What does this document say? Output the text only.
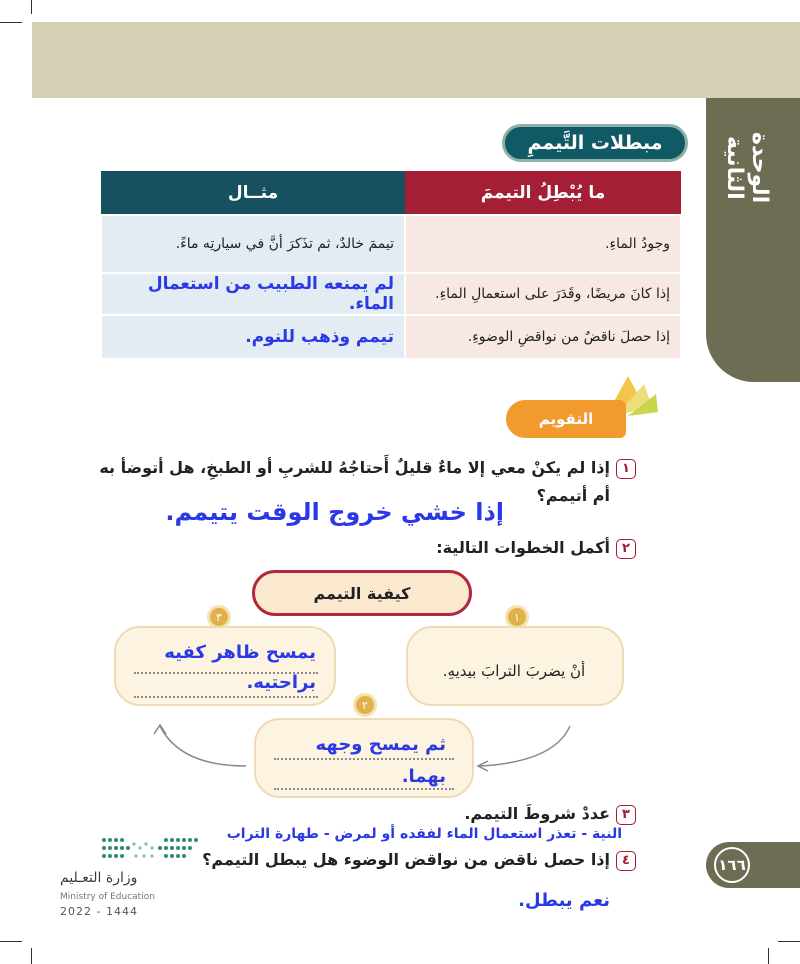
الوحدة الثانية
مبطلات التَّيممِ
ما يُبْطِلُ التيممَ	مثــال
وجودُ الماءِ.	تيممَ خالدٌ، ثم تذَكرَ أنَّ في سيارتِه ماءً.
إذا كانَ مريضًا، وقَدَرَ على استعمالِ الماءِ.	لم يمنعه الطبيب من استعمال الماء.
إذا حصلَ ناقضٌ من نواقضِ الوضوءِ.	تيمم وذهب للنوم.
التقويم
١إذا لم يكنْ معي إلا ماءٌ قليلٌ أَحتاجُهُ للشربِ أو الطبخِ، هل أتوضأ به
أم أتيمم؟
إذا خشي خروج الوقت يتيمم.
٢أكمل الخطوات التالية:
كيفية التيمم
١
أنْ يضربَ الترابَ بيديهِ.
٣
يمسح ظاهر كفيه
براحتيه.
٢
ثم يمسح وجهه
بهما.
٣عددْ شروطَ التيمم.
النية - تعذر استعمال الماء لفقده أو لمرض - طهارة التراب
٤إذا حصل ناقض من نواقض الوضوء هل يبطل التيمم؟
نعم يبطل.
١٦٦
وزارة التعـليم
Ministry of Education
2022 - 1444
